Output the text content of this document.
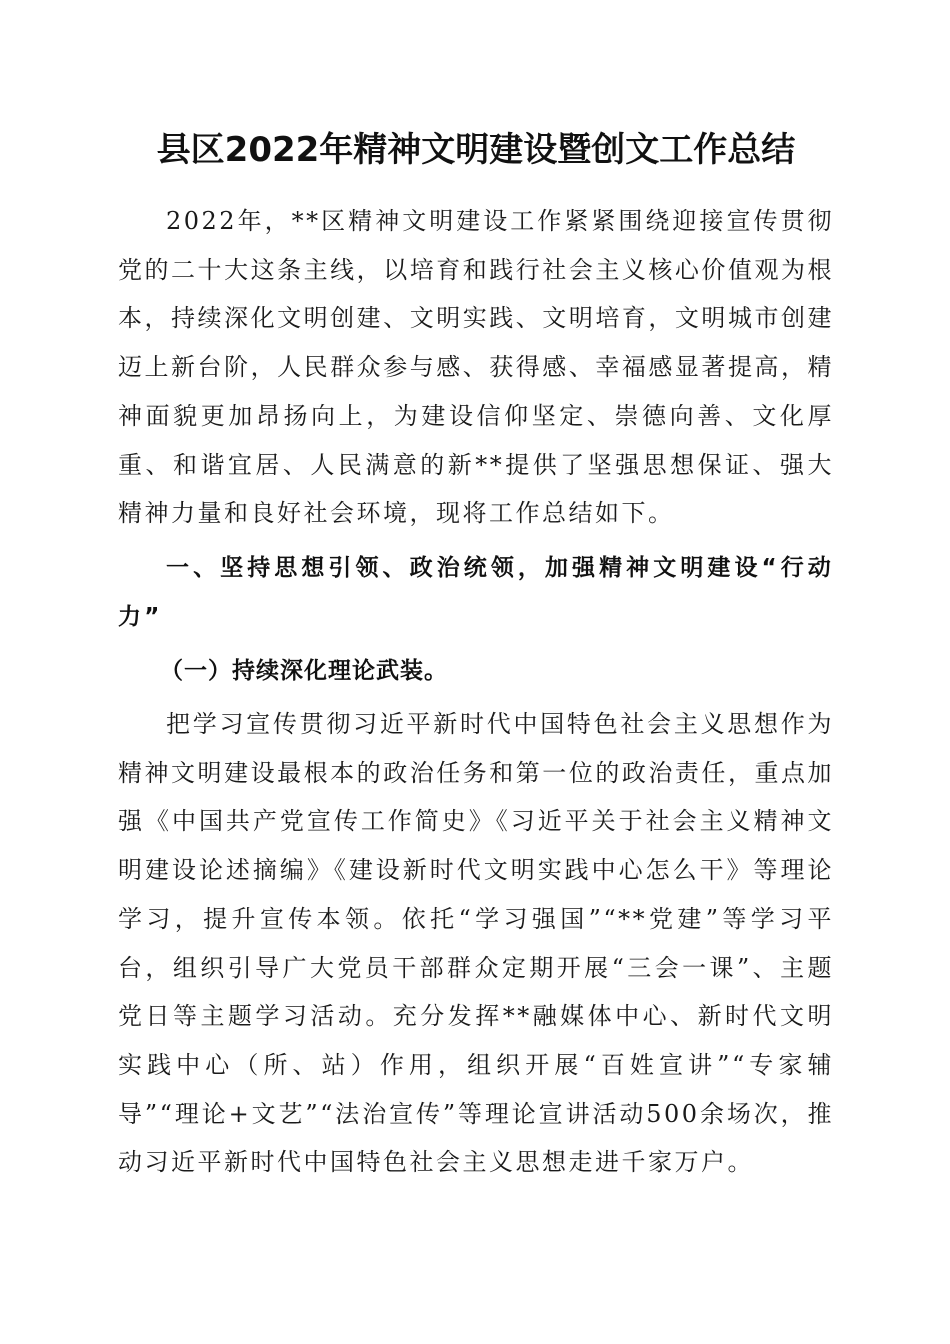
县区2022年精神文明建设暨创文工作总结

2022年，**区精神文明建设工作紧紧围绕迎接宣传贯彻党的二十大这条主线，以培育和践行社会主义核心价值观为根本，持续深化文明创建、文明实践、文明培育，文明城市创建迈上新台阶，人民群众参与感、获得感、幸福感显著提高，精神面貌更加昂扬向上，为建设信仰坚定、崇德向善、文化厚重、和谐宜居、人民满意的新**提供了坚强思想保证、强大精神力量和良好社会环境，现将工作总结如下。

一、坚持思想引领、政治统领，加强精神文明建设“行动力”

（一）持续深化理论武装。

把学习宣传贯彻习近平新时代中国特色社会主义思想作为精神文明建设最根本的政治任务和第一位的政治责任，重点加强《中国共产党宣传工作简史》《习近平关于社会主义精神文明建设论述摘编》《建设新时代文明实践中心怎么干》等理论学习，提升宣传本领。依托“学习强国”“**党建”等学习平台，组织引导广大党员干部群众定期开展“三会一课”、主题党日等主题学习活动。充分发挥**融媒体中心、新时代文明实践中心（所、站）作用，组织开展“百姓宣讲”“专家辅导”“理论+文艺”“法治宣传”等理论宣讲活动500余场次，推动习近平新时代中国特色社会主义思想走进千家万户。
